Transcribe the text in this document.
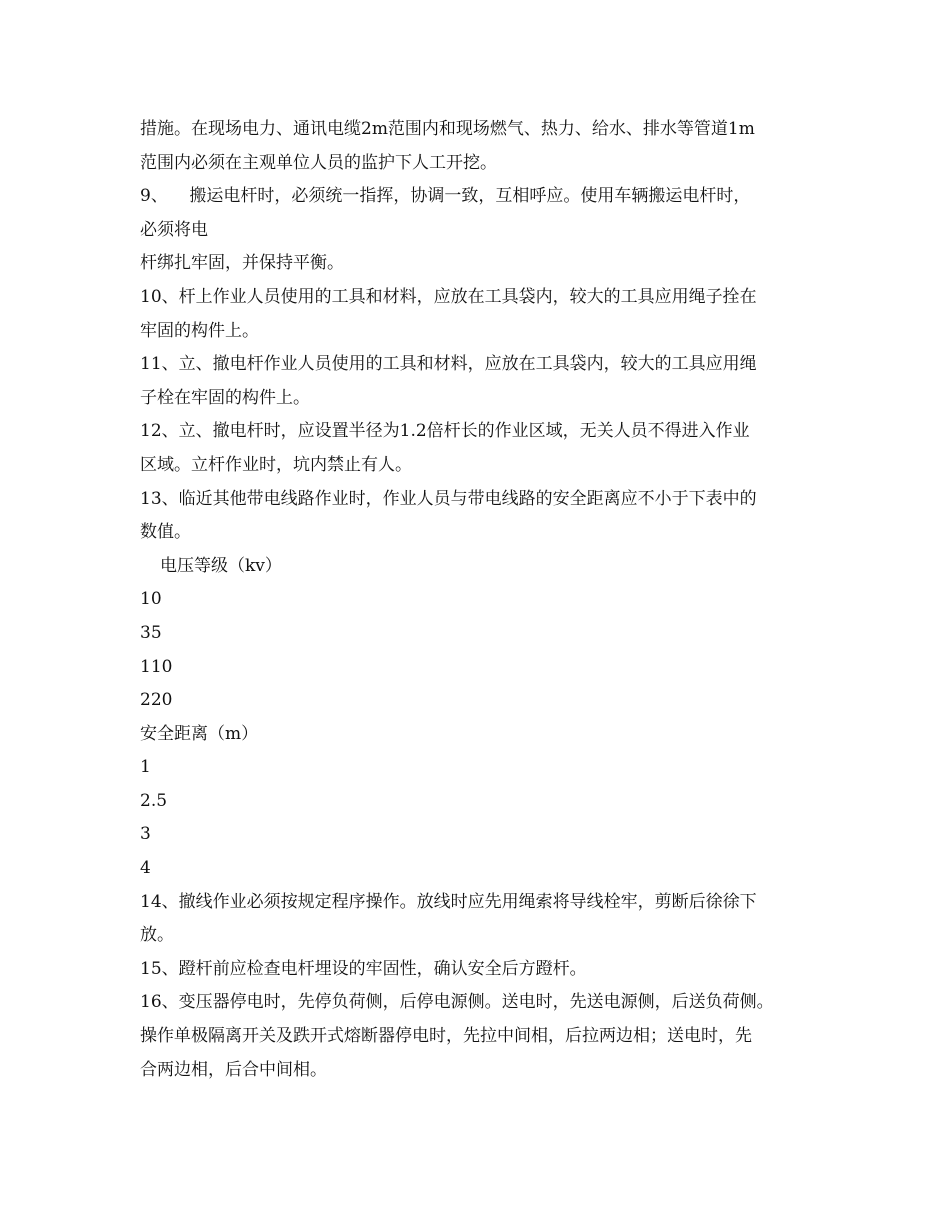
措施。在现场电力、通讯电缆2m范围内和现场燃气、热力、给水、排水等管道1m
范围内必须在主观单位人员的监护下人工开挖。
9、    搬运电杆时，必须统一指挥，协调一致，互相呼应。使用车辆搬运电杆时，
必须将电
杆绑扎牢固，并保持平衡。
10、杆上作业人员使用的工具和材料，应放在工具袋内，较大的工具应用绳子拴在
牢固的构件上。
11、立、撤电杆作业人员使用的工具和材料，应放在工具袋内，较大的工具应用绳
子栓在牢固的构件上。
12、立、撤电杆时，应设置半径为1.2倍杆长的作业区域，无关人员不得进入作业
区域。立杆作业时，坑内禁止有人。
13、临近其他带电线路作业时，作业人员与带电线路的安全距离应不小于下表中的
数值。
电压等级（kv）
10
35
110
220
安全距离（m）
1
2.5
3
4
14、撤线作业必须按规定程序操作。放线时应先用绳索将导线栓牢，剪断后徐徐下
放。
15、蹬杆前应检查电杆埋设的牢固性，确认安全后方蹬杆。
16、变压器停电时，先停负荷侧，后停电源侧。送电时，先送电源侧，后送负荷侧。
操作单极隔离开关及跌开式熔断器停电时，先拉中间相，后拉两边相；送电时，先
合两边相，后合中间相。
